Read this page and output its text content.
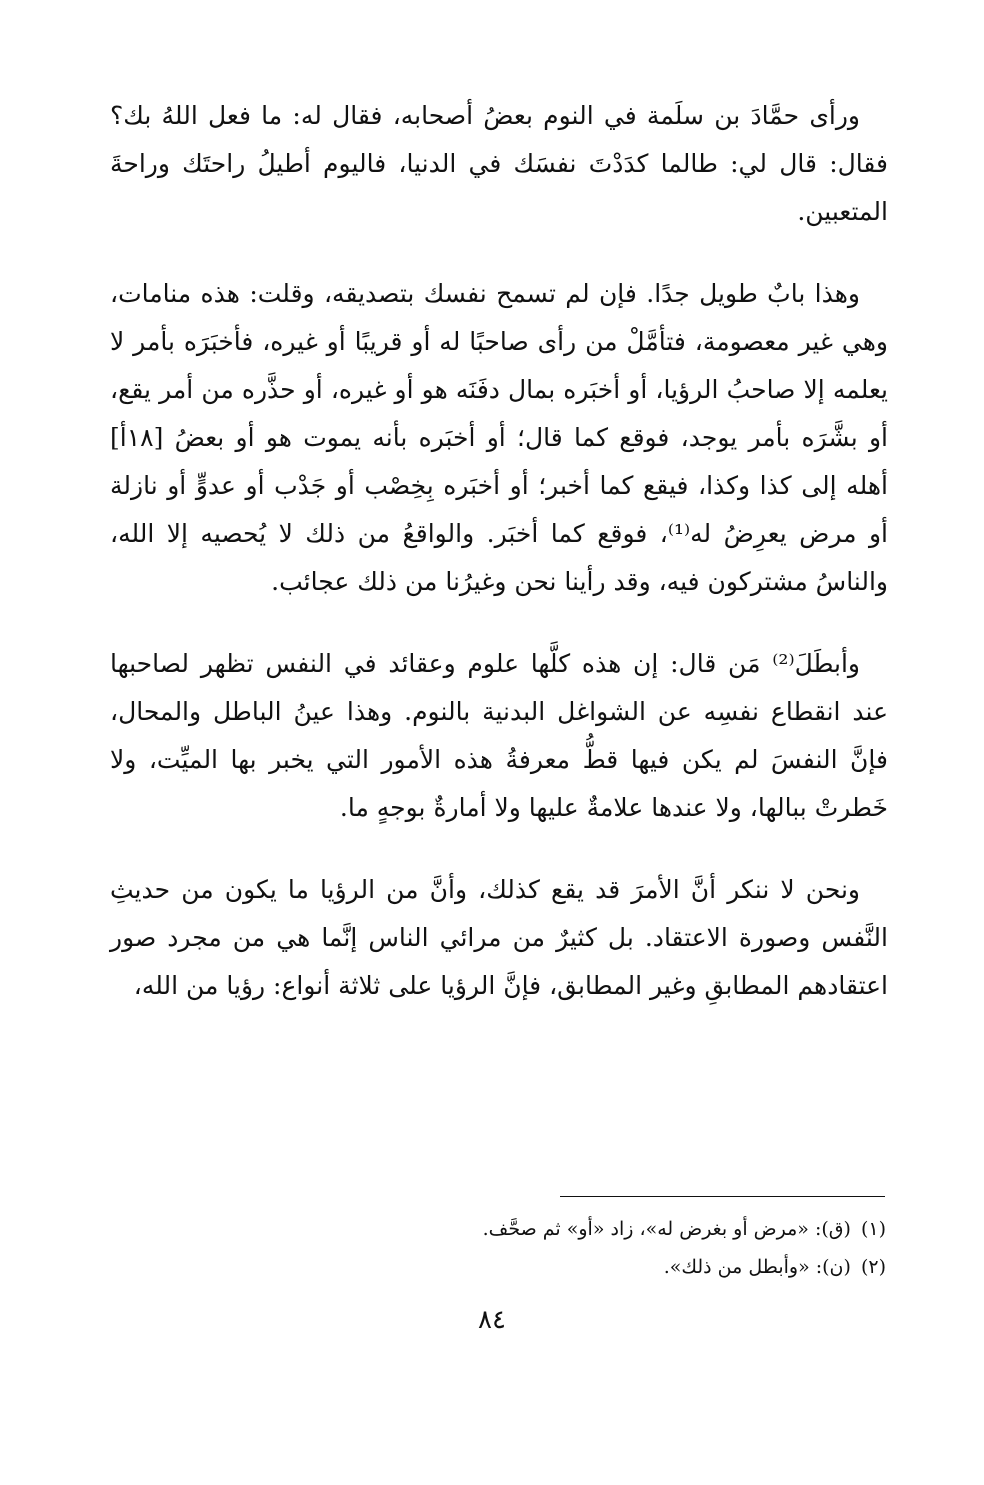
ورأى حمَّادَ بن سلَمة في النوم بعضُ أصحابه، فقال له: ما فعل اللهُ بك؟ فقال: قال لي: طالما كدَدْتَ نفسَك في الدنيا، فاليوم أطيلُ راحتَك وراحةَ المتعبين.

وهذا بابٌ طويل جدًا. فإن لم تسمح نفسك بتصديقه، وقلت: هذه منامات، وهي غير معصومة، فتأمَّلْ من رأى صاحبًا له أو قريبًا أو غيره، فأخبَرَه بأمر لا يعلمه إلا صاحبُ الرؤيا، أو أخبَره بمال دفَنَه هو أو غيره، أو حذَّره من أمر يقع، أو بشَّرَه بأمر يوجد، فوقع كما قال؛ أو أخبَره بأنه يموت هو أو بعضُ [١٨أ] أهله إلى كذا وكذا، فيقع كما أخبر؛ أو أخبَره بِخِصْب أو جَدْب أو عدوٍّ أو نازلة أو مرض يعرِضُ له⁽¹⁾، فوقع كما أخبَر. والواقعُ من ذلك لا يُحصيه إلا الله، والناسُ مشتركون فيه، وقد رأينا نحن وغيرُنا من ذلك عجائب.

وأبطَلَ⁽²⁾ مَن قال: إن هذه كلَّها علوم وعقائد في النفس تظهر لصاحبها عند انقطاع نفسِه عن الشواغل البدنية بالنوم. وهذا عينُ الباطل والمحال، فإنَّ النفسَ لم يكن فيها قطُّ معرفةُ هذه الأمور التي يخبر بها الميِّت، ولا خَطرتْ ببالها، ولا عندها علامةٌ عليها ولا أمارةٌ بوجهٍ ما.

ونحن لا ننكر أنَّ الأمرَ قد يقع كذلك، وأنَّ من الرؤيا ما يكون من حديثِ النَّفس وصورة الاعتقاد. بل كثيرٌ من مرائي الناس إنَّما هي من مجرد صور اعتقادهم المطابقِ وغير المطابق، فإنَّ الرؤيا على ثلاثة أنواع: رؤيا من الله،

(١)(ق): «مرض أو بغرض له»، زاد «أو» ثم صحَّف.
(٢)(ن): «وأبطل من ذلك».
٨٤
